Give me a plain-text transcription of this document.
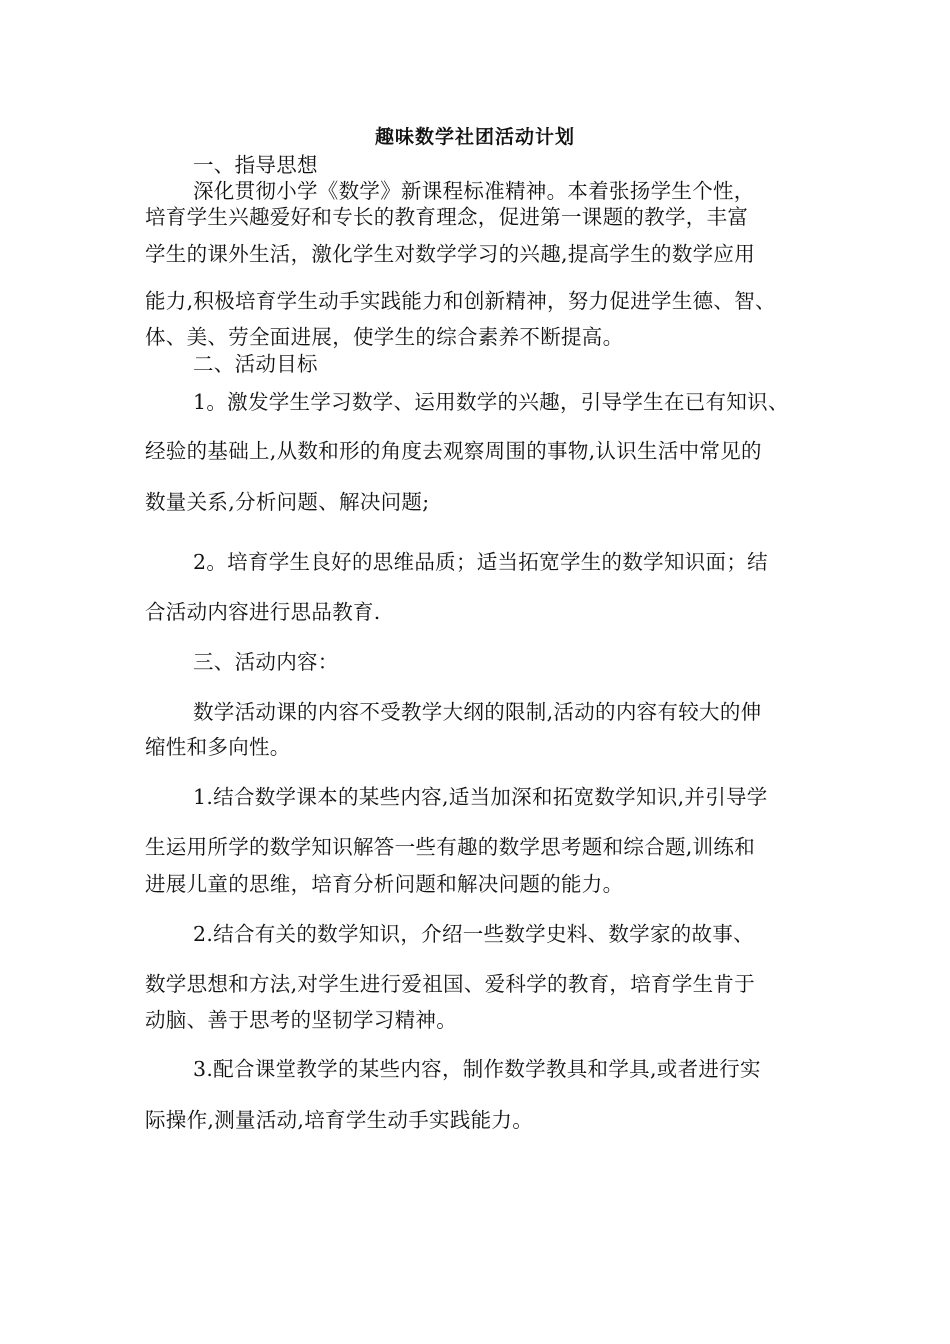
趣味数学社团活动计划
一、指导思想
深化贯彻小学《数学》新课程标准精神。本着张扬学生个性，
培育学生兴趣爱好和专长的教育理念，促进第一课题的教学，丰富
学生的课外生活，激化学生对数学学习的兴趣,提高学生的数学应用
能力,积极培育学生动手实践能力和创新精神，努力促进学生德、智、
体、美、劳全面进展，使学生的综合素养不断提高。
二、活动目标
1。激发学生学习数学、运用数学的兴趣，引导学生在已有知识、
经验的基础上,从数和形的角度去观察周围的事物,认识生活中常见的
数量关系,分析问题、解决问题;
2。培育学生良好的思维品质；适当拓宽学生的数学知识面；结
合活动内容进行思品教育.
三、活动内容：
数学活动课的内容不受教学大纲的限制,活动的内容有较大的伸
缩性和多向性。
1.结合数学课本的某些内容,适当加深和拓宽数学知识,并引导学
生运用所学的数学知识解答一些有趣的数学思考题和综合题,训练和
进展儿童的思维，培育分析问题和解决问题的能力。
2.结合有关的数学知识，介绍一些数学史料、数学家的故事、
数学思想和方法,对学生进行爱祖国、爱科学的教育，培育学生肯于
动脑、善于思考的坚韧学习精神。
3.配合课堂教学的某些内容，制作数学教具和学具,或者进行实
际操作,测量活动,培育学生动手实践能力。
